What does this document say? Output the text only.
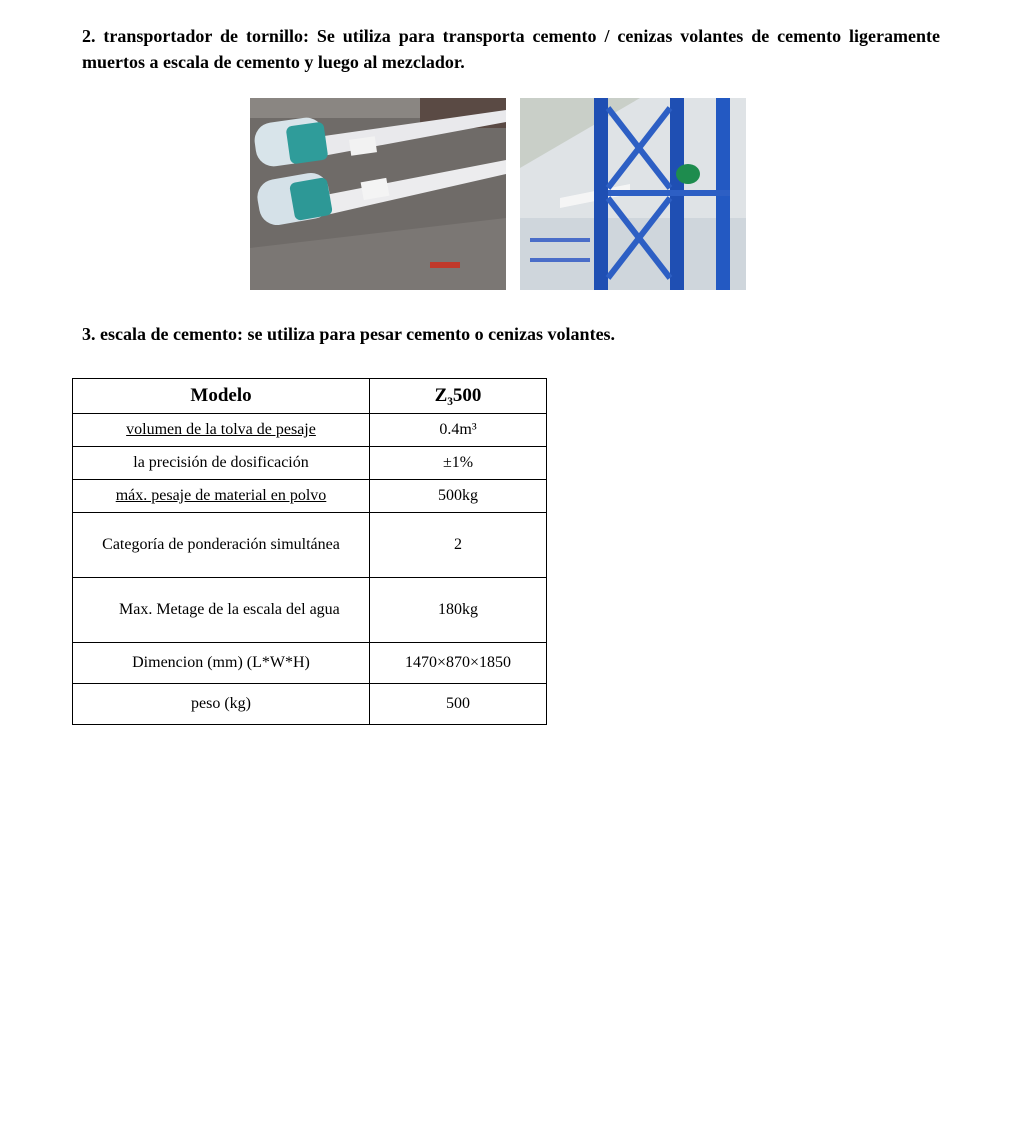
2. transportador de tornillo: Se utiliza para transporta cemento / cenizas volantes de cemento ligeramente muertos a escala de cemento y luego al mezclador.
3. escala de cemento: se utiliza para pesar cemento o cenizas volantes.
Modelo	Z₃500
volumen de la tolva de pesaje	0.4m³
la precisión de dosificación	±1%
máx. pesaje de material en polvo	500kg
Categoría de ponderación simultánea	2
Max. Metage de la escala del agua	180kg
Dimencion (mm) (L*W*H)	1470×870×1850
peso (kg)	500
